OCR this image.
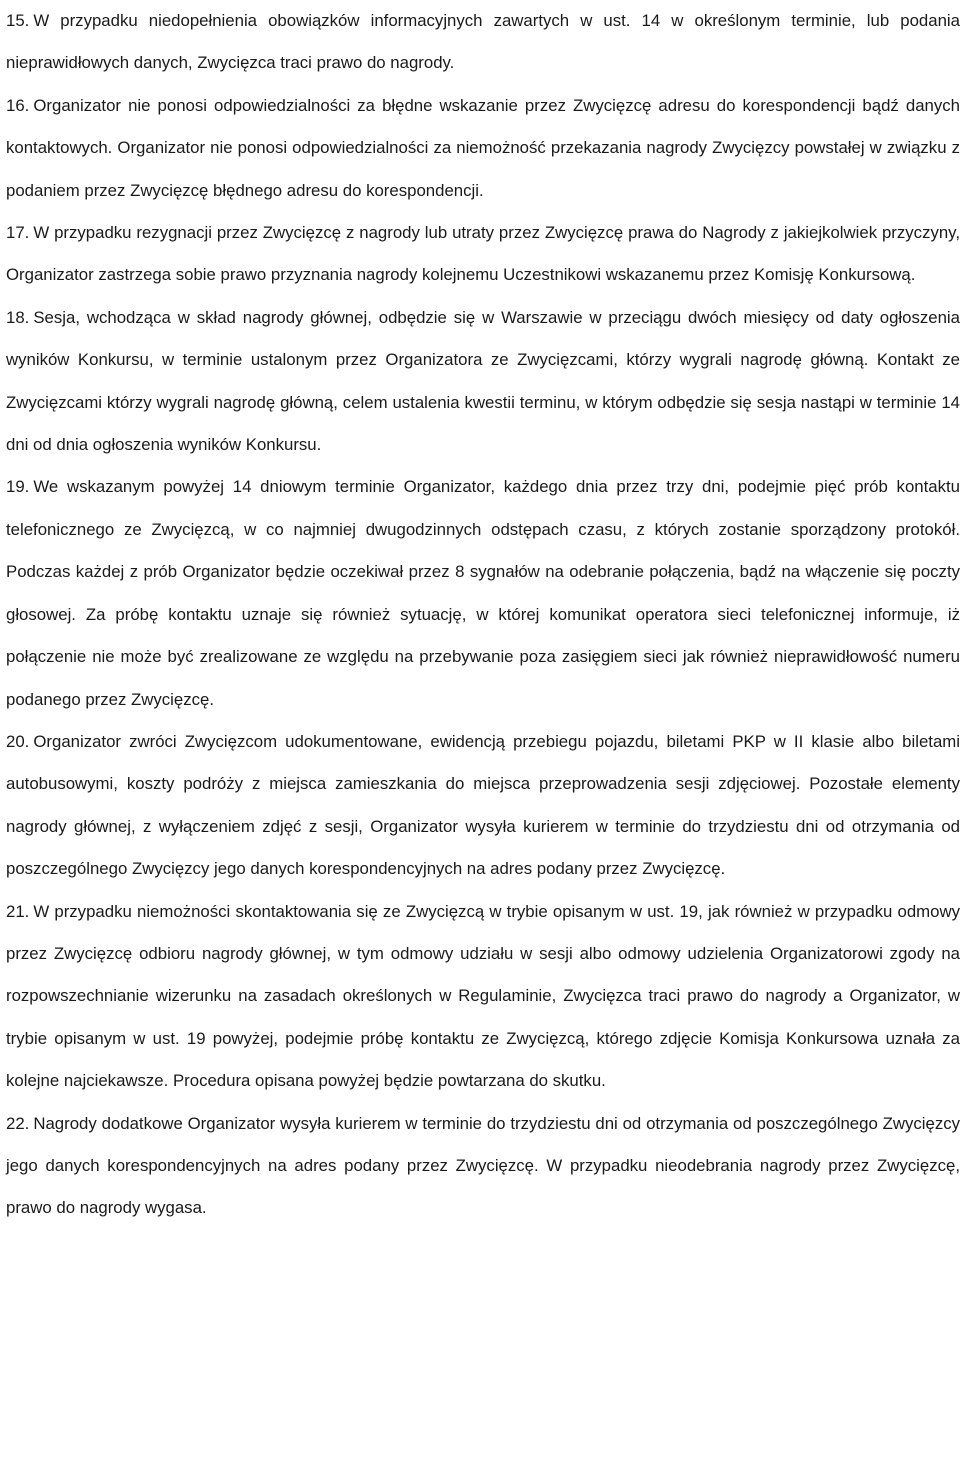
15. W przypadku niedopełnienia obowiązków informacyjnych zawartych w ust. 14 w określonym terminie, lub podania nieprawidłowych danych, Zwycięzca traci prawo do nagrody.

16. Organizator nie ponosi odpowiedzialności za błędne wskazanie przez Zwycięzcę adresu do korespondencji bądź danych kontaktowych. Organizator nie ponosi odpowiedzialności za niemożność przekazania nagrody Zwycięzcy powstałej w związku z podaniem przez Zwycięzcę błędnego adresu do korespondencji.

17. W przypadku rezygnacji przez Zwycięzcę z nagrody lub utraty przez Zwycięzcę prawa do Nagrody z jakiejkolwiek przyczyny, Organizator zastrzega sobie prawo przyznania nagrody kolejnemu Uczestnikowi wskazanemu przez Komisję Konkursową.

18. Sesja, wchodząca w skład nagrody głównej, odbędzie się w Warszawie w przeciągu dwóch miesięcy od daty ogłoszenia wyników Konkursu, w terminie ustalonym przez Organizatora ze Zwycięzcami, którzy wygrali nagrodę główną. Kontakt ze Zwycięzcami którzy wygrali nagrodę główną, celem ustalenia kwestii terminu, w którym odbędzie się sesja nastąpi w terminie 14 dni od dnia ogłoszenia wyników Konkursu.

19. We wskazanym powyżej 14 dniowym terminie Organizator, każdego dnia przez trzy dni, podejmie pięć prób kontaktu telefonicznego ze Zwycięzcą, w co najmniej dwugodzinnych odstępach czasu, z których zostanie sporządzony protokół. Podczas każdej z prób Organizator będzie oczekiwał przez 8 sygnałów na odebranie połączenia, bądź na włączenie się poczty głosowej. Za próbę kontaktu uznaje się również sytuację, w której komunikat operatora sieci telefonicznej informuje, iż połączenie nie może być zrealizowane ze względu na przebywanie poza zasięgiem sieci jak również nieprawidłowość numeru podanego przez Zwycięzcę.

20. Organizator zwróci Zwycięzcom udokumentowane, ewidencją przebiegu pojazdu, biletami PKP w II klasie albo biletami autobusowymi, koszty podróży z miejsca zamieszkania do miejsca przeprowadzenia sesji zdjęciowej. Pozostałe elementy nagrody głównej, z wyłączeniem zdjęć z sesji, Organizator wysyła kurierem w terminie do trzydziestu dni od otrzymania od poszczególnego Zwycięzcy jego danych korespondencyjnych na adres podany przez Zwycięzcę.

21. W przypadku niemożności skontaktowania się ze Zwycięzcą w trybie opisanym w ust. 19, jak również w przypadku odmowy przez Zwycięzcę odbioru nagrody głównej, w tym odmowy udziału w sesji albo odmowy udzielenia Organizatorowi zgody na rozpowszechnianie wizerunku na zasadach określonych w Regulaminie, Zwycięzca traci prawo do nagrody a Organizator, w trybie opisanym w ust. 19 powyżej, podejmie próbę kontaktu ze Zwycięzcą, którego zdjęcie Komisja Konkursowa uznała za kolejne najciekawsze. Procedura opisana powyżej będzie powtarzana do skutku.

22. Nagrody dodatkowe Organizator wysyła kurierem w terminie do trzydziestu dni od otrzymania od poszczególnego Zwycięzcy jego danych korespondencyjnych na adres podany przez Zwycięzcę. W przypadku nieodebrania nagrody przez Zwycięzcę, prawo do nagrody wygasa.
